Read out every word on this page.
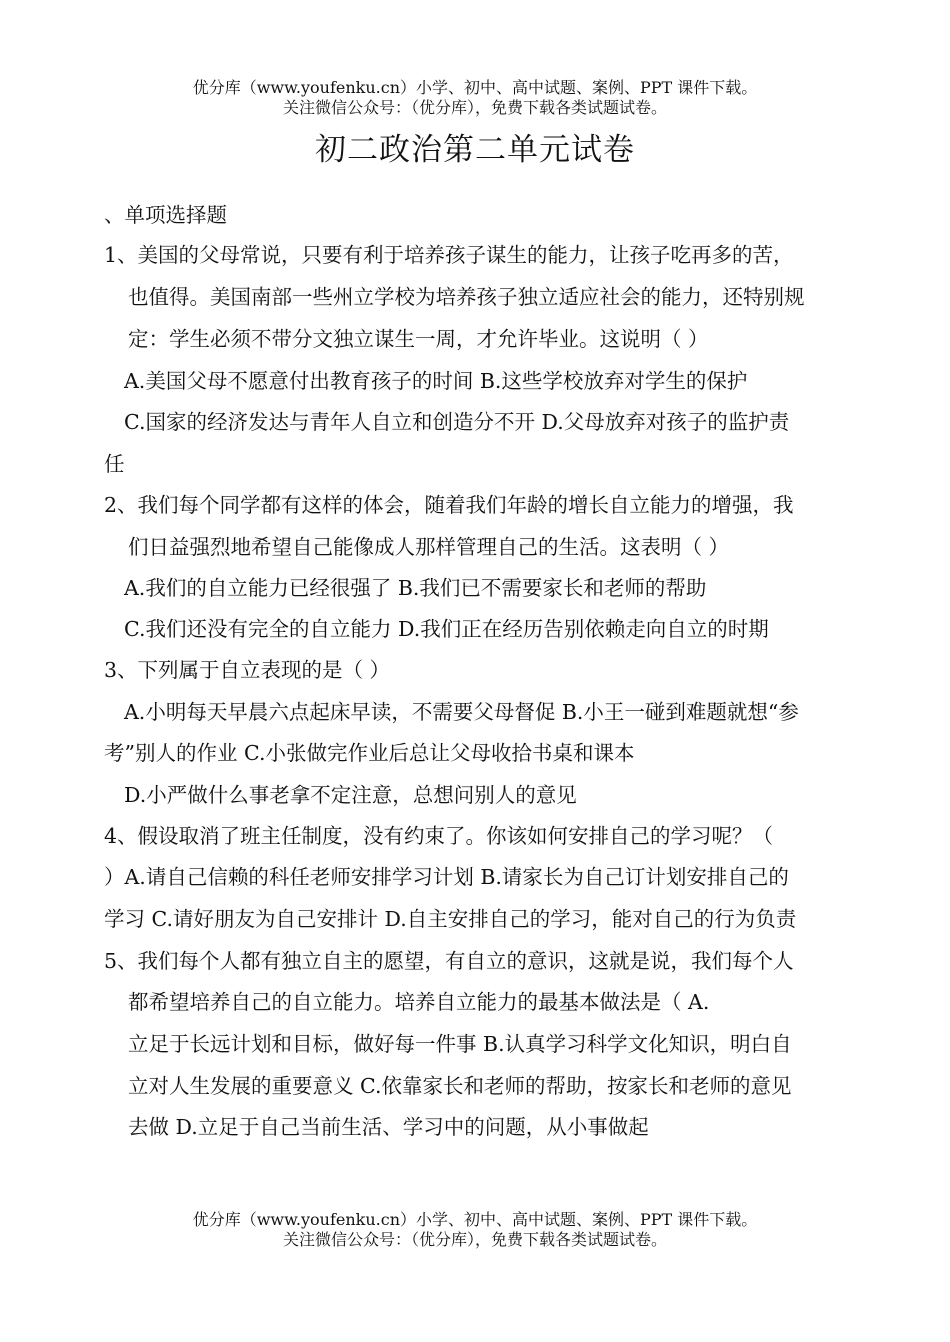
优分库（www.youfenku.cn）小学、初中、高中试题、案例、PPT 课件下载。
关注微信公众号：（优分库），免费下载各类试题试卷。
初二政治第二单元试卷
、单项选择题
1、美国的父母常说，只要有利于培养孩子谋生的能力，让孩子吃再多的苦，
也值得。美国南部一些州立学校为培养孩子独立适应社会的能力，还特别规
定：学生必须不带分文独立谋生一周，才允许毕业。这说明（ ）
A.美国父母不愿意付出教育孩子的时间 B.这些学校放弃对学生的保护
C.国家的经济发达与青年人自立和创造分不开 D.父母放弃对孩子的监护责
任
2、我们每个同学都有这样的体会，随着我们年龄的增长自立能力的增强，我
们日益强烈地希望自己能像成人那样管理自己的生活。这表明（ ）
A.我们的自立能力已经很强了 B.我们已不需要家长和老师的帮助
C.我们还没有完全的自立能力 D.我们正在经历告别依赖走向自立的时期
3、下列属于自立表现的是（ ）
A.小明每天早晨六点起床早读，不需要父母督促 B.小王一碰到难题就想“参
考”别人的作业 C.小张做完作业后总让父母收拾书桌和课本
D.小严做什么事老拿不定注意，总想问别人的意见
4、假设取消了班主任制度，没有约束了。你该如何安排自己的学习呢？（
）A.请自己信赖的科任老师安排学习计划 B.请家长为自己订计划安排自己的
学习 C.请好朋友为自己安排计 D.自主安排自己的学习，能对自己的行为负责
5、我们每个人都有独立自主的愿望，有自立的意识，这就是说，我们每个人
都希望培养自己的自立能力。培养自立能力的最基本做法是（ A.
立足于长远计划和目标，做好每一件事 B.认真学习科学文化知识，明白自
立对人生发展的重要意义 C.依靠家长和老师的帮助，按家长和老师的意见
去做 D.立足于自己当前生活、学习中的问题，从小事做起
优分库（www.youfenku.cn）小学、初中、高中试题、案例、PPT 课件下载。
关注微信公众号：（优分库），免费下载各类试题试卷。
